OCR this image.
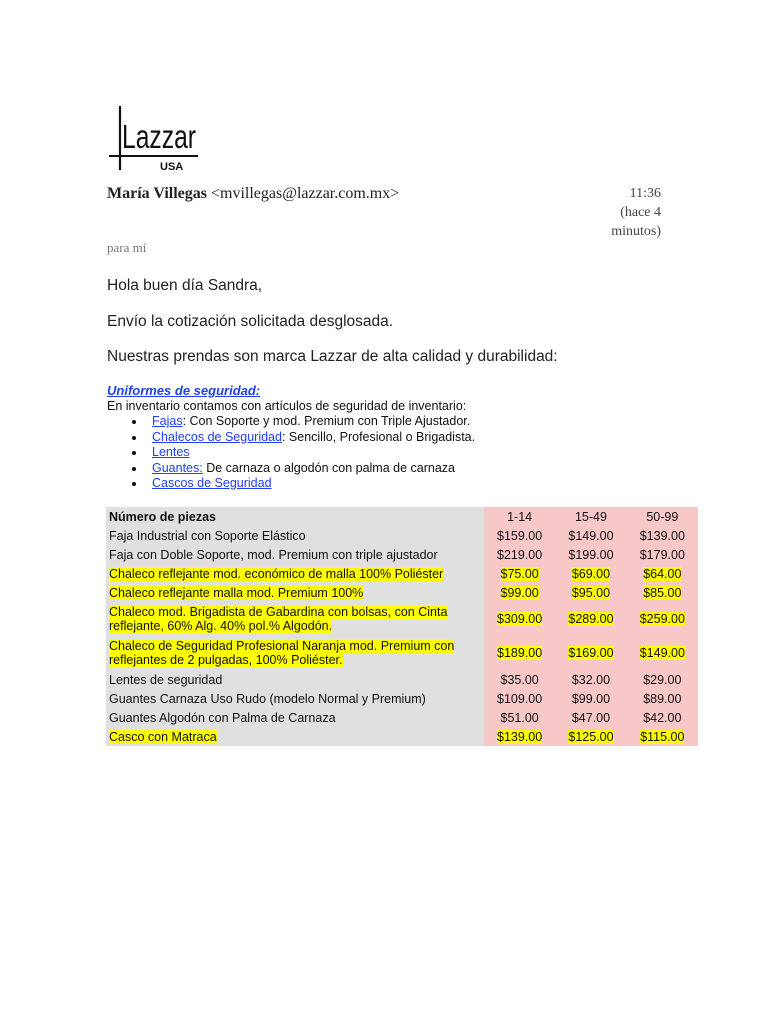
Lazzar
USA
María Villegas <mvillegas@lazzar.com.mx>	11:36
(hace 4
minutos)
para mí
Hola buen día Sandra,
Envío la cotización solicitada desglosada.
Nuestras prendas son marca Lazzar de alta calidad y durabilidad:
Uniformes de seguridad:
En inventario contamos con artículos de seguridad de inventario:
Fajas: Con Soporte y mod. Premium con Triple Ajustador.
Chalecos de Seguridad: Sencillo, Profesional o Brigadista.
Lentes
Guantes: De carnaza o algodón con palma de carnaza
Cascos de Seguridad
Número de piezas	1-14	15-49	50-99
Faja Industrial con Soporte Elástico	$159.00	$149.00	$139.00
Faja con Doble Soporte, mod. Premium con triple ajustador	$219.00	$199.00	$179.00
Chaleco reflejante mod. económico de malla 100% Poliéster	$75.00	$69.00	$64.00
Chaleco reflejante malla mod. Premium 100%	$99.00	$95.00	$85.00
Chaleco mod. Brigadista de Gabardina con bolsas, con Cinta reflejante, 60% Alg. 40% pol.% Algodón.	$309.00	$289.00	$259.00
Chaleco de Seguridad Profesional Naranja mod. Premium con reflejantes de 2 pulgadas, 100% Poliéster.	$189.00	$169.00	$149.00
Lentes de seguridad	$35.00	$32.00	$29.00
Guantes Carnaza Uso Rudo (modelo Normal y Premium)	$109.00	$99.00	$89.00
Guantes Algodón con Palma de Carnaza	$51.00	$47.00	$42.00
Casco con Matraca	$139.00	$125.00	$115.00
